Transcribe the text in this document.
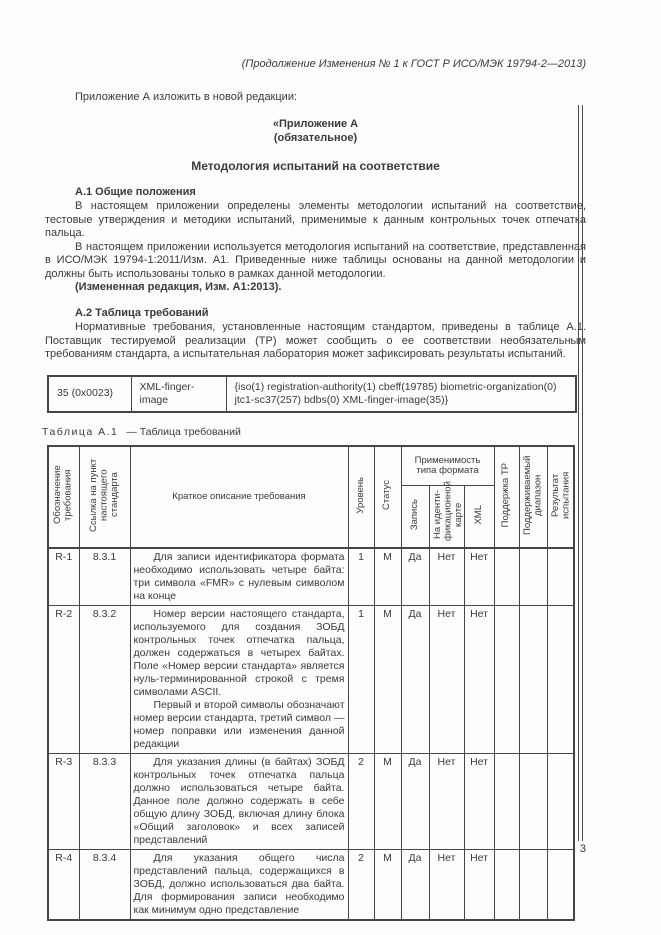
(Продолжение Изменения № 1 к ГОСТ Р ИСО/МЭК 19794-2—2013)

Приложение А изложить в новой редакции:

«Приложение А
(обязательное)
Методология испытаний на соответствие
А.1 Общие положения

В настоящем приложении определены элементы методологии испытаний на соответствие, тестовые утверждения и методики испытаний, применимые к данным контрольных точек отпечатка пальца.

В настоящем приложении используется методология испытаний на соответствие, представленная в ИСО/МЭК 19794-1:2011/Изм. А1. Приведенные ниже таблицы основаны на данной методологии и должны быть использованы только в рамках данной методологии.

(Измененная редакция, Изм. А1:2013).

А.2 Таблица требований

Нормативные требования, установленные настоящим стандартом, приведены в таблице А.1. Поставщик тестируемой реализации (ТР) может сообщить о ее соответствии необязательным требованиям стандарта, а испытательная лаборатория может зафиксировать результаты испытаний.

35 (0x0023)	XML-finger-image	{iso(1) registration-authority(1) cbeff(19785) biometric-organization(0) jtc1-sc37(257) bdbs(0) XML-finger-image(35)}
Таблица А.1 — Таблица требований
Обозначение требования	Ссылка на пункт настоящего стандарта	Краткое описание требования	Уровень	Статус	Применимость типа формата			Поддержка ТР	Поддерживаемый диапазон	Результат испытания
					Запись	На иденти- фикационной карте	XML			
R-1	8.3.1	Для записи идентификатора формата необходимо использовать четыре байта: три символа «FMR» с нулевым символом на конце	1	М	Да	Нет	Нет			
R-2	8.3.2	Номер версии настоящего стандарта, используемого для создания ЗОБД контрольных точек отпечатка пальца, должен содержаться в четырех байтах. Поле «Номер версии стандарта» является нуль-терминированной строкой с тремя символами ASCII.
Первый и второй символы обозначают номер версии стандарта, третий символ — номер поправки или изменения данной редакции	1	М	Да	Нет	Нет			
R-3	8.3.3	Для указания длины (в байтах) ЗОБД контрольных точек отпечатка пальца должно использоваться четыре байта. Данное поле должно содержать в себе общую длину ЗОБД, включая длину блока «Общий заголовок» и всех записей представлений	2	М	Да	Нет	Нет			
R-4	8.3.4	Для указания общего числа представлений пальца, содержащихся в ЗОБД, должно использоваться два байта. Для формирования записи необходимо как минимум одно представление	2	М	Да	Нет	Нет			
3
